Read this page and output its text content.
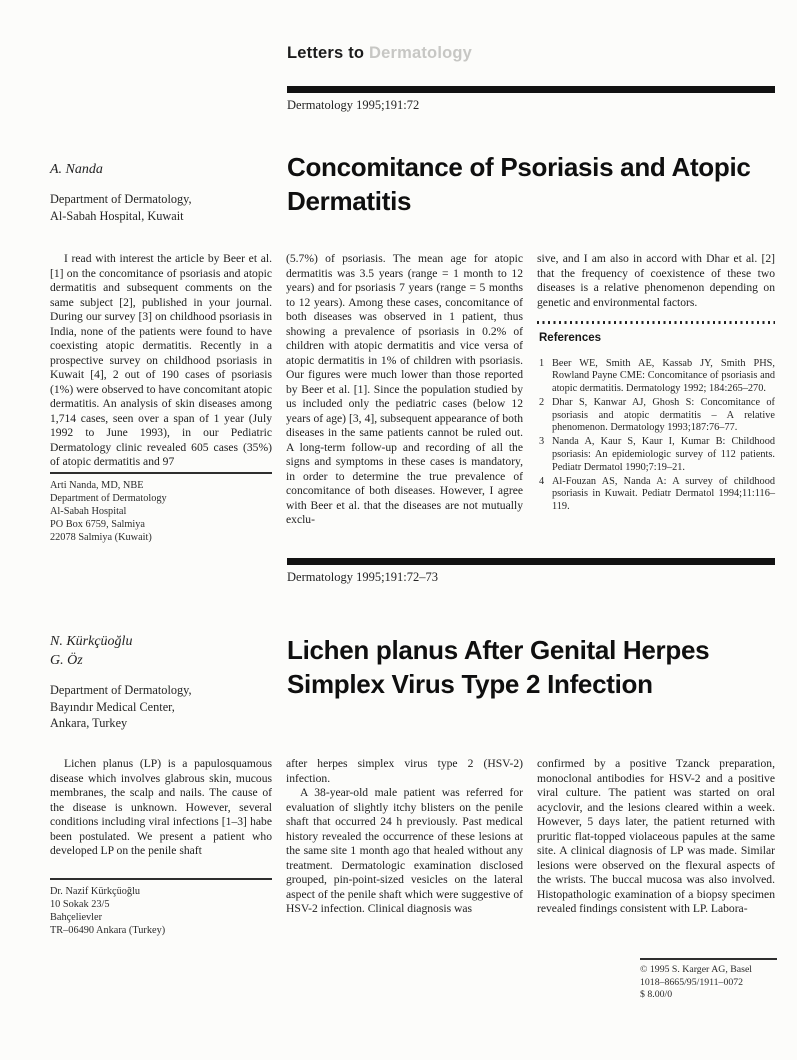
Letters to Dermatology
Dermatology 1995;191:72
A. Nanda
Department of Dermatology,
Al-Sabah Hospital, Kuwait
Concomitance of Psoriasis and Atopic Dermatitis

I read with interest the article by Beer et al. [1] on the concomitance of psoriasis and atopic dermatitis and subsequent comments on the same subject [2], published in your journal. During our survey [3] on childhood psoriasis in India, none of the patients were found to have coexisting atopic dermatitis. Recently in a prospective survey on childhood psoriasis in Kuwait [4], 2 out of 190 cases of psoriasis (1%) were observed to have concomitant atopic dermatitis. An analysis of skin diseases among 1,714 cases, seen over a span of 1 year (July 1992 to June 1993), in our Pediatric Dermatology clinic revealed 605 cases (35%) of atopic dermatitis and 97

(5.7%) of psoriasis. The mean age for atopic dermatitis was 3.5 years (range = 1 month to 12 years) and for psoriasis 7 years (range = 5 months to 12 years). Among these cases, concomitance of both diseases was observed in 1 patient, thus showing a prevalence of psoriasis in 0.2% of children with atopic dermatitis and vice versa of atopic dermatitis in 1% of children with psoriasis. Our figures were much lower than those reported by Beer et al. [1]. Since the population studied by us included only the pediatric cases (below 12 years of age) [3, 4], subsequent appearance of both diseases in the same patients cannot be ruled out. A long-term follow-up and recording of all the signs and symptoms in these cases is mandatory, in order to determine the true prevalence of concomitance of both diseases. However, I agree with Beer et al. that the diseases are not mutually exclu-

sive, and I am also in accord with Dhar et al. [2] that the frequency of coexistence of these two diseases is a relative phenomenon depending on genetic and environmental factors.

References
1 Beer WE, Smith AE, Kassab JY, Smith PHS, Rowland Payne CME: Concomitance of psoriasis and atopic dermatitis. Dermatology 1992; 184:265–270.
2 Dhar S, Kanwar AJ, Ghosh S: Concomitance of psoriasis and atopic dermatitis – A relative phenomenon. Dermatology 1993;187:76–77.
3 Nanda A, Kaur S, Kaur I, Kumar B: Childhood psoriasis: An epidemiologic survey of 112 patients. Pediatr Dermatol 1990;7:19–21.
4 Al-Fouzan AS, Nanda A: A survey of childhood psoriasis in Kuwait. Pediatr Dermatol 1994;11:116–119.
Arti Nanda, MD, NBE
Department of Dermatology
Al-Sabah Hospital
PO Box 6759, Salmiya
22078 Salmiya (Kuwait)
Dermatology 1995;191:72–73
N. Kürkçüoğlu
G. Öz
Department of Dermatology,
Bayındır Medical Center,
Ankara, Turkey
Lichen planus After Genital Herpes Simplex Virus Type 2 Infection

Lichen planus (LP) is a papulosquamous disease which involves glabrous skin, mucous membranes, the scalp and nails. The cause of the disease is unknown. However, several conditions including viral infections [1–3] habe been postulated. We present a patient who developed LP on the penile shaft

after herpes simplex virus type 2 (HSV-2) infection.

A 38-year-old male patient was referred for evaluation of slightly itchy blisters on the penile shaft that occurred 24 h previously. Past medical history revealed the occurrence of these lesions at the same site 1 month ago that healed without any treatment. Dermatologic examination disclosed grouped, pin-point-sized vesicles on the lateral aspect of the penile shaft which were suggestive of HSV-2 infection. Clinical diagnosis was

confirmed by a positive Tzanck preparation, monoclonal antibodies for HSV-2 and a positive viral culture. The patient was started on oral acyclovir, and the lesions cleared within a week. However, 5 days later, the patient returned with pruritic flat-topped violaceous papules at the same site. A clinical diagnosis of LP was made. Similar lesions were observed on the flexural aspects of the wrists. The buccal mucosa was also involved. Histopathologic examination of a biopsy specimen revealed findings consistent with LP. Labora-

Dr. Nazif Kürkçüoğlu
10 Sokak 23/5
Bahçelievler
TR–06490 Ankara (Turkey)
© 1995 S. Karger AG, Basel
1018–8665/95/1911–0072
$ 8.00/0
